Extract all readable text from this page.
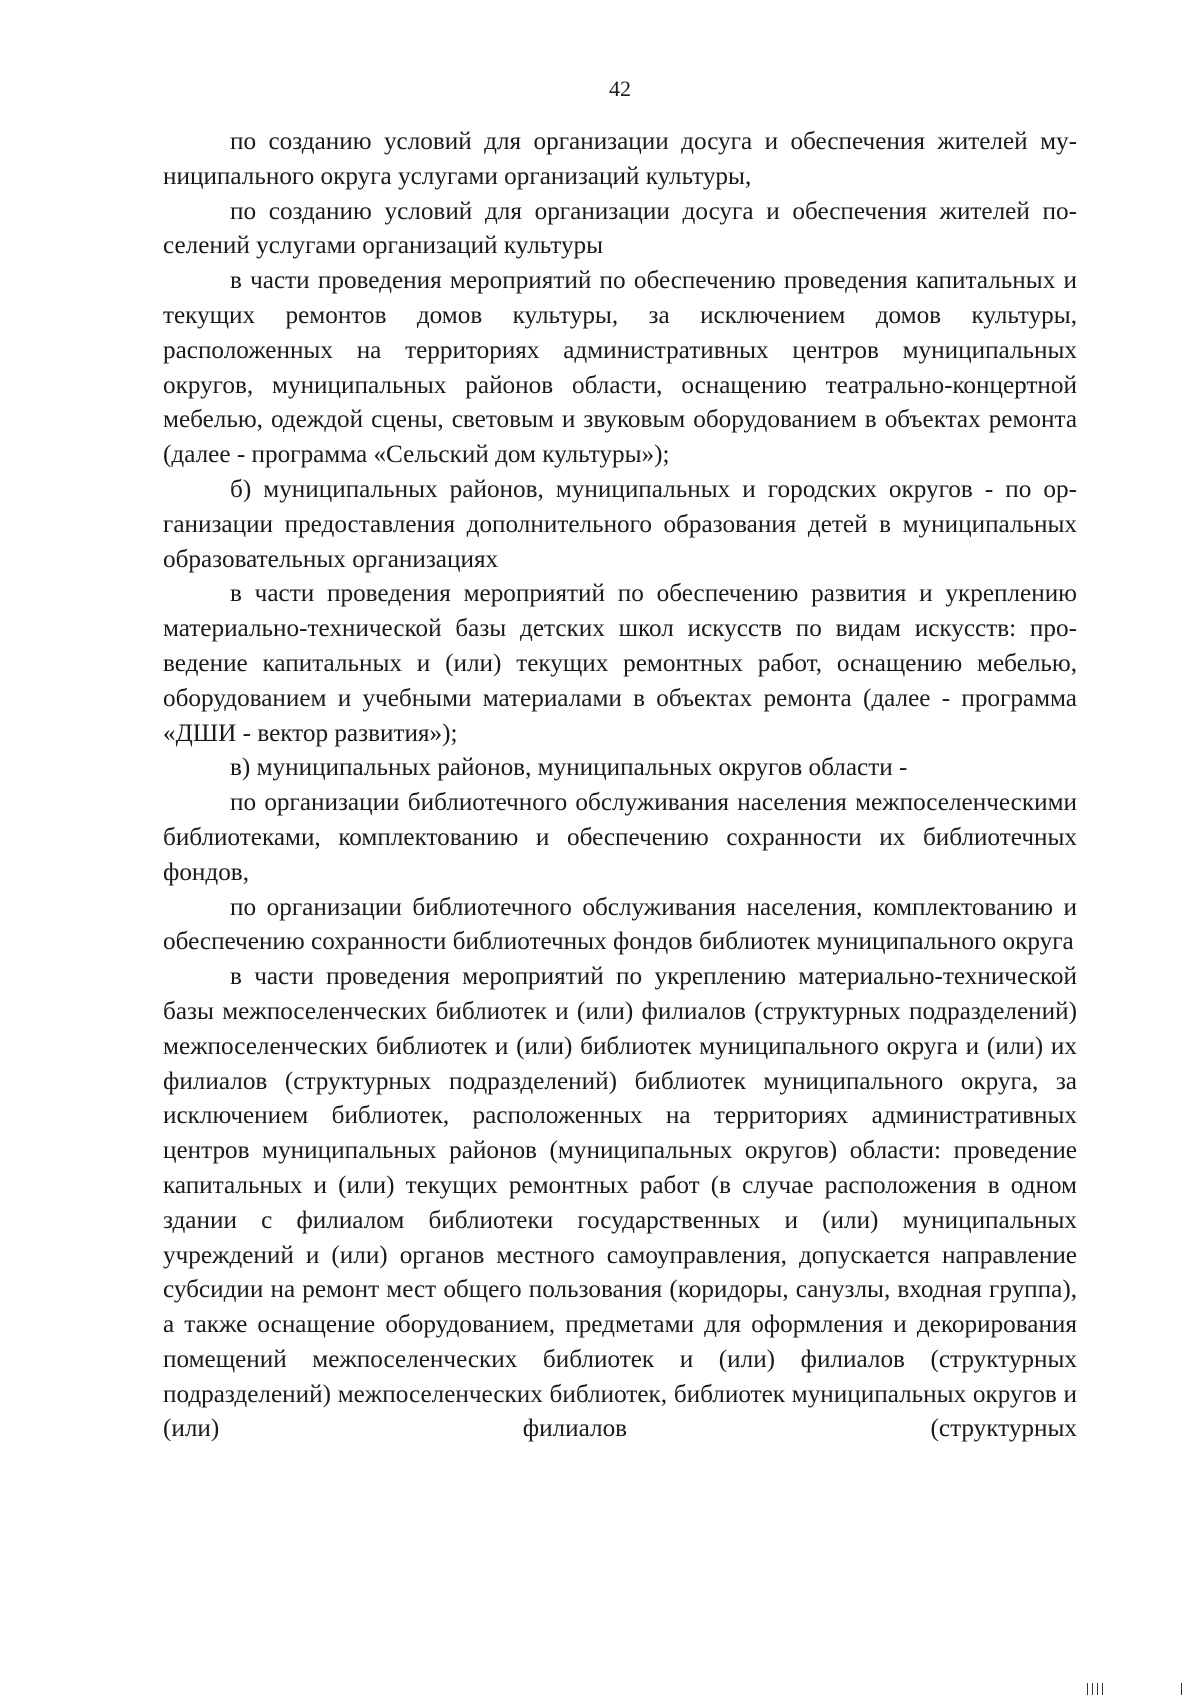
42

по созданию условий для организации досуга и обеспечения жителей муниципального округа услугами организаций культуры,

по созданию условий для организации досуга и обеспечения жителей поселений услугами организаций культуры

в части проведения мероприятий по обеспечению проведения капитальных и текущих ремонтов домов культуры, за исключением домов культуры, расположенных на территориях административных центров муниципальных округов, муниципальных районов области, оснащению театрально-концертной мебелью, одеждой сцены, световым и звуковым оборудованием в объектах ремонта (далее - программа «Сельский дом культуры»);

б) муниципальных районов, муниципальных и городских округов - по организации предоставления дополнительного образования детей в муниципальных образовательных организациях

в части проведения мероприятий по обеспечению развития и укреплению материально-технической базы детских школ искусств по видам искусств: проведение капитальных и (или) текущих ремонтных работ, оснащению мебелью, оборудованием и учебными материалами в объектах ремонта (далее - программа «ДШИ - вектор развития»);

в) муниципальных районов, муниципальных округов области -

по организации библиотечного обслуживания населения межпоселенческими библиотеками, комплектованию и обеспечению сохранности их библиотечных фондов,

по организации библиотечного обслуживания населения, комплектованию и обеспечению сохранности библиотечных фондов библиотек муниципального округа

в части проведения мероприятий по укреплению материально-технической базы межпоселенческих библиотек и (или) филиалов (структурных подразделений) межпоселенческих библиотек и (или) библиотек муниципального округа и (или) их филиалов (структурных подразделений) библиотек муниципального округа, за исключением библиотек, расположенных на территориях административных центров муниципальных районов (муниципальных округов) области: проведение капитальных и (или) текущих ремонтных работ (в случае расположения в одном здании с филиалом библиотеки государственных и (или) муниципальных учреждений и (или) органов местного самоуправления, допускается направление субсидии на ремонт мест общего пользования (коридоры, санузлы, входная группа), а также оснащение оборудованием, предметами для оформления и декорирования помещений межпоселенческих библиотек и (или) филиалов (структурных подразделений) межпоселенческих библиотек, библиотек муниципальных округов и (или) филиалов (структурных
